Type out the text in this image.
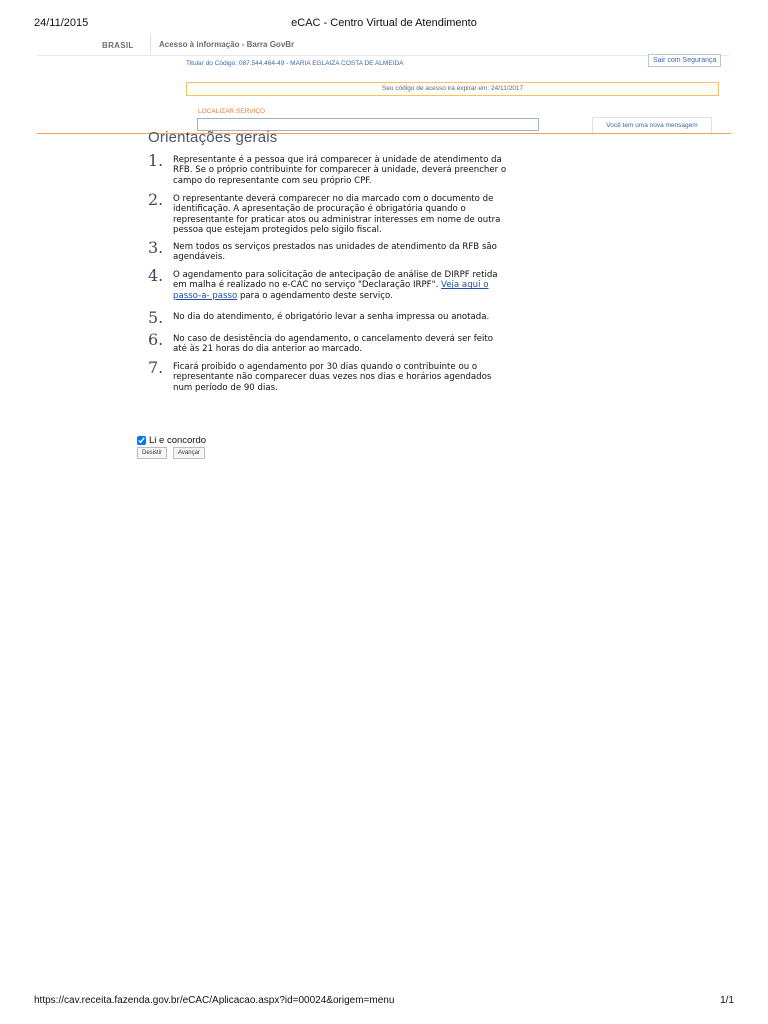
24/11/2015	eCAC - Centro Virtual de Atendimento
BRASIL	Acesso à informação - Barra GovBr
Titular do Código: 087.544.464-49 - MARIA EGLAIZA COSTA DE ALMEIDA	Sair com Segurança
Seu código de acesso irá expirar em: 24/11/2017
LOCALIZAR SERVIÇO
Você tem uma nova mensagem
Orientações gerais
1.	Representante é a pessoa que irá comparecer à unidade de atendimento da RFB. Se o próprio contribuinte for comparecer à unidade, deverá preencher o campo do representante com seu próprio CPF.
2.	O representante deverá comparecer no dia marcado com o documento de identificação. A apresentação de procuração é obrigatória quando o representante for praticar atos ou administrar interesses em nome de outra pessoa que estejam protegidos pelo sigilo fiscal.
3.	Nem todos os serviços prestados nas unidades de atendimento da RFB são agendáveis.
4.	O agendamento para solicitação de antecipação de análise de DIRPF retida em malha é realizado no e-CAC no serviço "Declaração IRPF". Veja aqui o passo-a- passo para o agendamento deste serviço.
5.	No dia do atendimento, é obrigatório levar a senha impressa ou anotada.
6.	No caso de desistência do agendamento, o cancelamento deverá ser feito até às 21 horas do dia anterior ao marcado.
7.	Ficará proibido o agendamento por 30 dias quando o contribuinte ou o representante não comparecer duas vezes nos dias e horários agendados num período de 90 dias.
Li e concordo
Desistir	Avançar
https://cav.receita.fazenda.gov.br/eCAC/Aplicacao.aspx?id=00024&origem=menu	1/1
